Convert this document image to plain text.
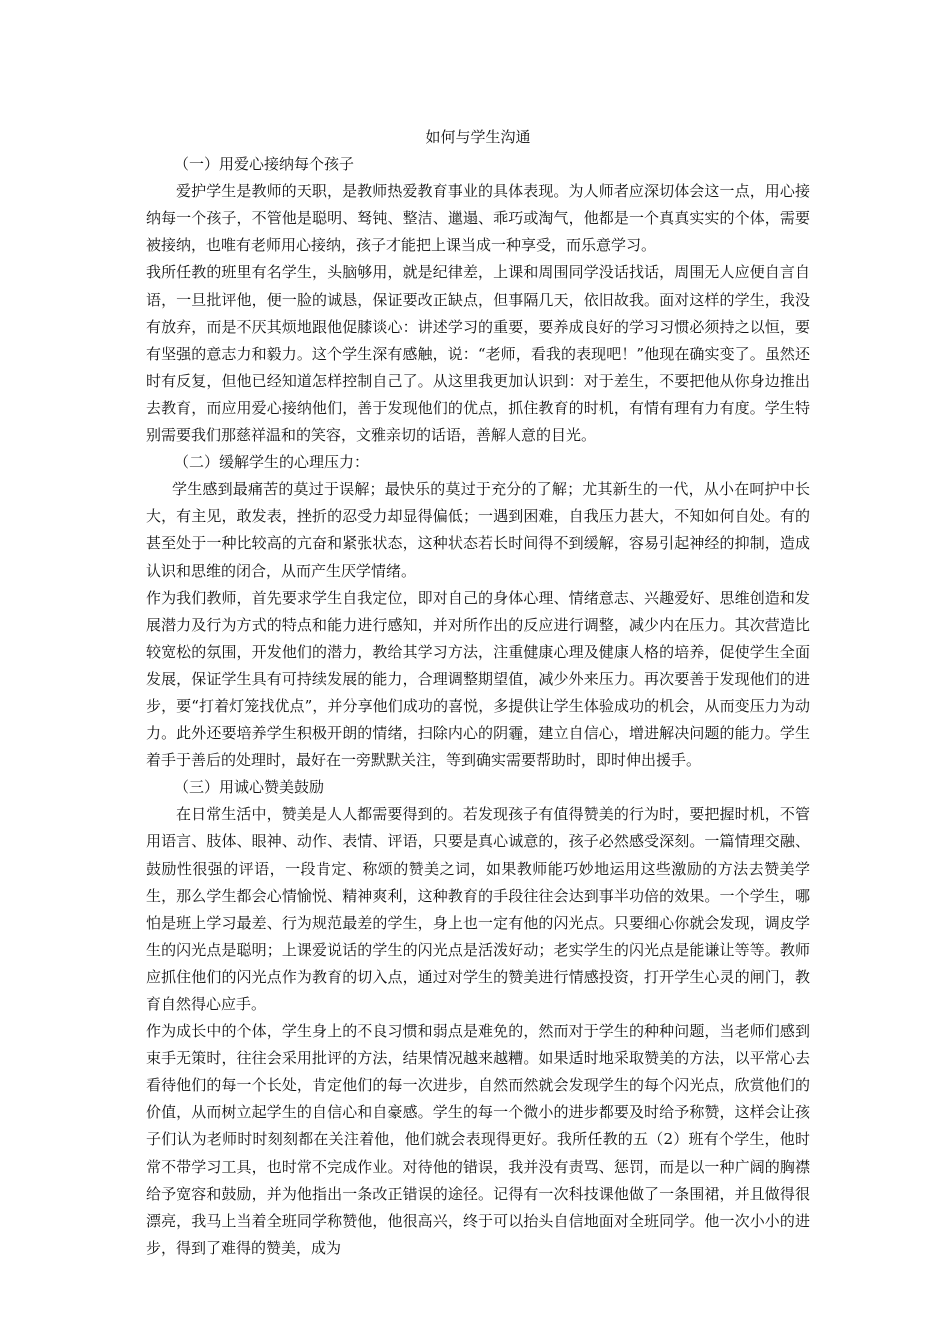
如何与学生沟通

（一）用爱心接纳每个孩子

爱护学生是教师的天职，是教师热爱教育事业的具体表现。为人师者应深切体会这一点，用心接纳每一个孩子，不管他是聪明、驽钝、整洁、邋遢、乖巧或淘气，他都是一个真真实实的个体，需要被接纳，也唯有老师用心接纳，孩子才能把上课当成一种享受，而乐意学习。

我所任教的班里有名学生，头脑够用，就是纪律差，上课和周围同学没话找话，周围无人应便自言自语，一旦批评他，便一脸的诚恳，保证要改正缺点，但事隔几天，依旧故我。面对这样的学生，我没有放弃，而是不厌其烦地跟他促膝谈心：讲述学习的重要，要养成良好的学习习惯必须持之以恒，要有坚强的意志力和毅力。这个学生深有感触，说：“老师，看我的表现吧！”他现在确实变了。虽然还时有反复，但他已经知道怎样控制自己了。从这里我更加认识到：对于差生，不要把他从你身边推出去教育，而应用爱心接纳他们，善于发现他们的优点，抓住教育的时机，有情有理有力有度。学生特别需要我们那慈祥温和的笑容，文雅亲切的话语，善解人意的目光。

（二）缓解学生的心理压力：

学生感到最痛苦的莫过于误解；最快乐的莫过于充分的了解；尤其新生的一代，从小在呵护中长大，有主见，敢发表，挫折的忍受力却显得偏低；一遇到困难，自我压力甚大，不知如何自处。有的甚至处于一种比较高的亢奋和紧张状态，这种状态若长时间得不到缓解，容易引起神经的抑制，造成认识和思维的闭合，从而产生厌学情绪。

作为我们教师，首先要求学生自我定位，即对自己的身体心理、情绪意志、兴趣爱好、思维创造和发展潜力及行为方式的特点和能力进行感知，并对所作出的反应进行调整，减少内在压力。其次营造比较宽松的氛围，开发他们的潜力，教给其学习方法，注重健康心理及健康人格的培养，促使学生全面发展，保证学生具有可持续发展的能力，合理调整期望值，减少外来压力。再次要善于发现他们的进步，要“打着灯笼找优点”，并分享他们成功的喜悦，多提供让学生体验成功的机会，从而变压力为动力。此外还要培养学生积极开朗的情绪，扫除内心的阴霾，建立自信心，增进解决问题的能力。学生着手于善后的处理时，最好在一旁默默关注，等到确实需要帮助时，即时伸出援手。

（三）用诚心赞美鼓励

在日常生活中，赞美是人人都需要得到的。若发现孩子有值得赞美的行为时，要把握时机，不管用语言、肢体、眼神、动作、表情、评语，只要是真心诚意的，孩子必然感受深刻。一篇情理交融、鼓励性很强的评语，一段肯定、称颂的赞美之词，如果教师能巧妙地运用这些激励的方法去赞美学生，那么学生都会心情愉悦、精神爽利，这种教育的手段往往会达到事半功倍的效果。一个学生，哪怕是班上学习最差、行为规范最差的学生，身上也一定有他的闪光点。只要细心你就会发现，调皮学生的闪光点是聪明；上课爱说话的学生的闪光点是活泼好动；老实学生的闪光点是能谦让等等。教师应抓住他们的闪光点作为教育的切入点，通过对学生的赞美进行情感投资，打开学生心灵的闸门，教育自然得心应手。

作为成长中的个体，学生身上的不良习惯和弱点是难免的，然而对于学生的种种问题，当老师们感到束手无策时，往往会采用批评的方法，结果情况越来越糟。如果适时地采取赞美的方法，以平常心去看待他们的每一个长处，肯定他们的每一次进步，自然而然就会发现学生的每个闪光点，欣赏他们的价值，从而树立起学生的自信心和自豪感。学生的每一个微小的进步都要及时给予称赞，这样会让孩子们认为老师时时刻刻都在关注着他，他们就会表现得更好。我所任教的五（2）班有个学生，他时常不带学习工具，也时常不完成作业。对待他的错误，我并没有责骂、惩罚，而是以一种广阔的胸襟给予宽容和鼓励，并为他指出一条改正错误的途径。记得有一次科技课他做了一条围裙，并且做得很漂亮，我马上当着全班同学称赞他，他很高兴，终于可以抬头自信地面对全班同学。他一次小小的进步，得到了难得的赞美，成为
